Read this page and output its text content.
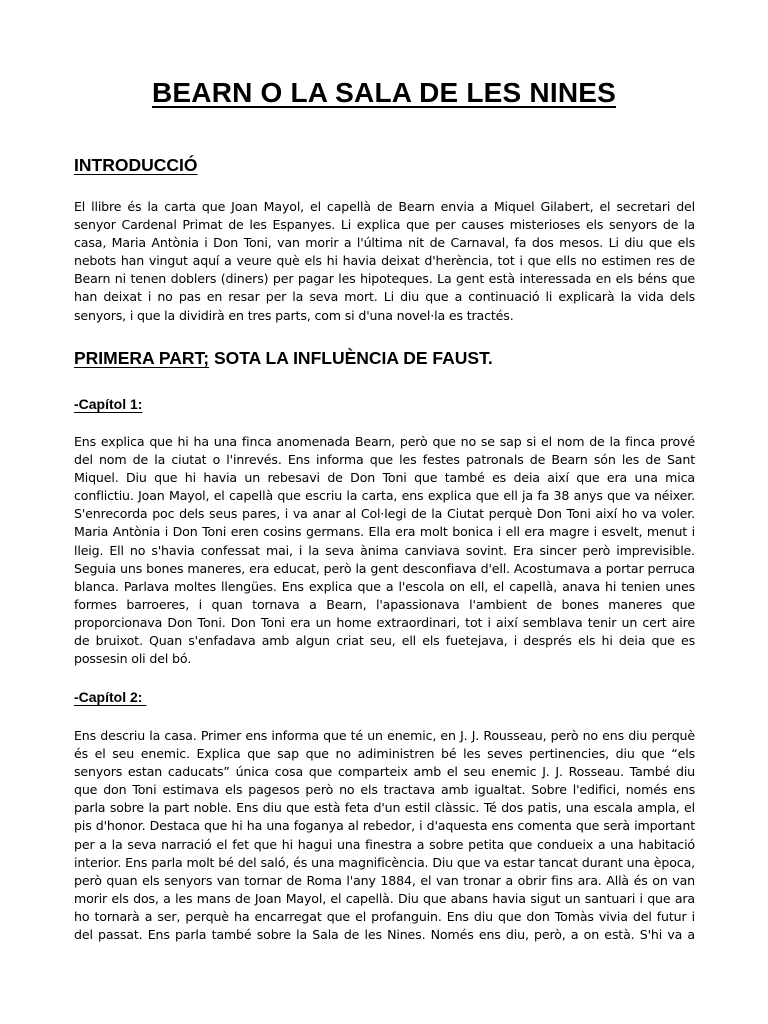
BEARN O LA SALA DE LES NINES
INTRODUCCIÓ
El llibre és la carta que Joan Mayol, el capellà de Bearn envia a Miquel Gilabert, el secretari del
senyor Cardenal Primat de les Espanyes. Li explica que per causes misterioses els senyors de la
casa, Maria Antònia i Don Toni, van morir a l'última nit de Carnaval, fa dos mesos. Li diu que els
nebots han vingut aquí a veure què els hi havia deixat d'herència, tot i que ells no estimen res de
Bearn ni tenen doblers (diners) per pagar les hipoteques. La gent està interessada en els béns que
han deixat i no pas en resar per la seva mort. Li diu que a continuació li explicarà la vida dels
senyors, i que la dividirà en tres parts, com si d'una novel·la es tractés.
PRIMERA PART; SOTA LA INFLUÈNCIA DE FAUST.
-Capítol 1:
Ens explica que hi ha una finca anomenada Bearn, però que no se sap si el nom de la finca prové
del nom de la ciutat o l'inrevés. Ens informa que les festes patronals de Bearn són les de Sant
Miquel. Diu que hi havia un rebesavi de Don Toni que també es deia així que era una mica
conflictiu. Joan Mayol, el capellà que escriu la carta, ens explica que ell ja fa 38 anys que va néixer.
S'enrecorda poc dels seus pares, i va anar al Col·legi de la Ciutat perquè Don Toni així ho va voler.
Maria Antònia i Don Toni eren cosins germans. Ella era molt bonica i ell era magre i esvelt, menut i
lleig. Ell no s'havia confessat mai, i la seva ànima canviava sovint. Era sincer però imprevisible.
Seguia uns bones maneres, era educat, però la gent desconfiava d'ell. Acostumava a portar perruca
blanca. Parlava moltes llengües. Ens explica que a l'escola on ell, el capellà, anava hi tenien unes
formes barroeres, i quan tornava a Bearn, l'apassionava l'ambient de bones maneres que
proporcionava Don Toni. Don Toni era un home extraordinari, tot i així semblava tenir un cert aire
de bruixot. Quan s'enfadava amb algun criat seu, ell els fuetejava, i després els hi deia que es
possesin oli del bó.
-Capítol 2:
Ens descriu la casa. Primer ens informa que té un enemic, en J. J. Rousseau, però no ens diu perquè
és el seu enemic. Explica que sap que no adiministren bé les seves pertinencies, diu que “els
senyors estan caducats” única cosa que comparteix amb el seu enemic J. J. Rosseau. També diu
que don Toni estimava els pagesos però no els tractava amb igualtat. Sobre l'edifici, només ens
parla sobre la part noble. Ens diu que està feta d'un estil clàssic. Té dos patis, una escala ampla, el
pis d'honor. Destaca que hi ha una foganya al rebedor, i d'aquesta ens comenta que serà important
per a la seva narració el fet que hi hagui una finestra a sobre petita que condueix a una habitació
interior. Ens parla molt bé del saló, és una magnificència. Diu que va estar tancat durant una època,
però quan els senyors van tornar de Roma l'any 1884, el van tronar a obrir fins ara. Allà és on van
morir els dos, a les mans de Joan Mayol, el capellà. Diu que abans havia sigut un santuari i que ara
ho tornarà a ser, perquè ha encarregat que el profanguin. Ens diu que don Tomàs vivia del futur i
del passat. Ens parla també sobre la Sala de les Nines. Només ens diu, però, a on està. S'hi va a
